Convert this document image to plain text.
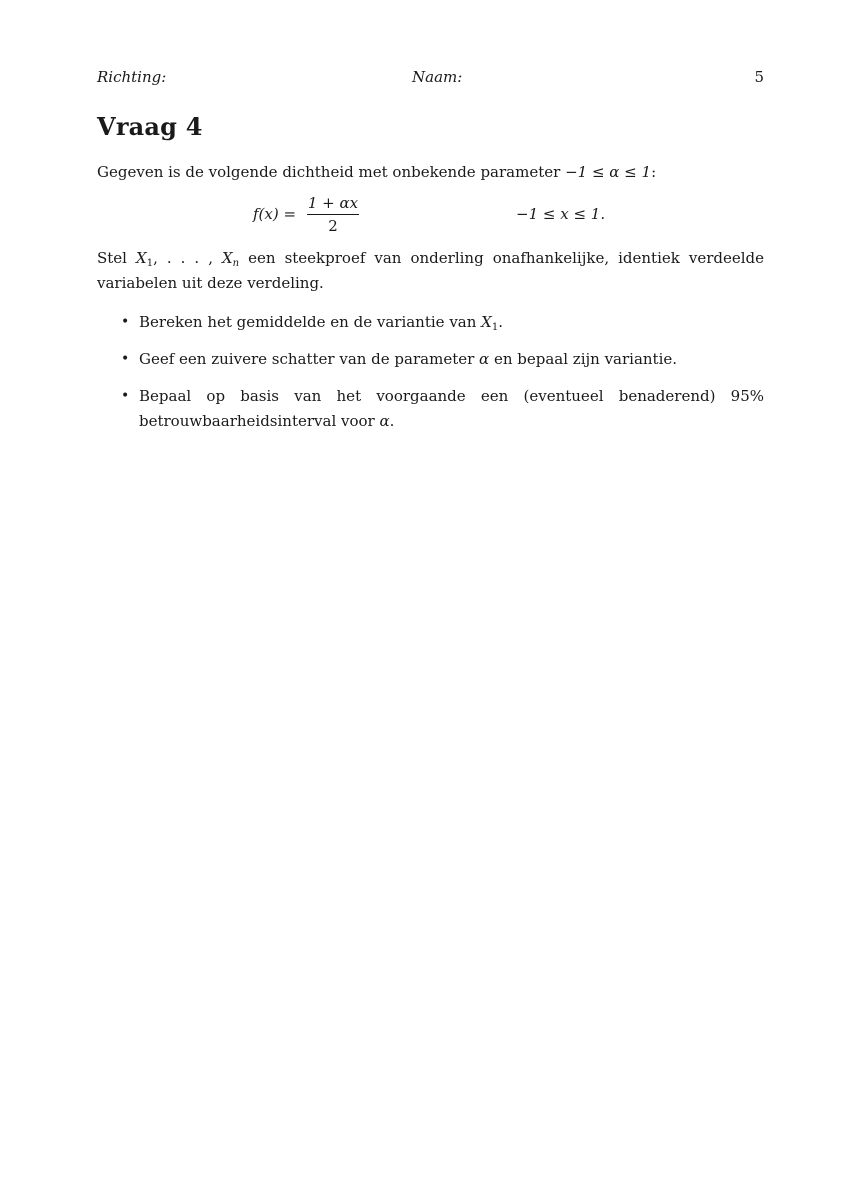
Richting:	Naam:	5
Vraag 4

Gegeven is de volgende dichtheid met onbekende parameter −1 ≤ α ≤ 1:

f(x) =
1 + αx
2
−1 ≤ x ≤ 1.

Stel $X_1$, . . . , $X_n$ een steekproef van onderling onafhankelijke, identiek verdeelde variabelen uit deze verdeling.

• Bereken het gemiddelde en de variantie van $X_1$.
• Geef een zuivere schatter van de parameter α en bepaal zijn variantie.
• Bepaal op basis van het voorgaande een (eventueel benaderend) 95% betrouwbaarheidsinterval voor α.
